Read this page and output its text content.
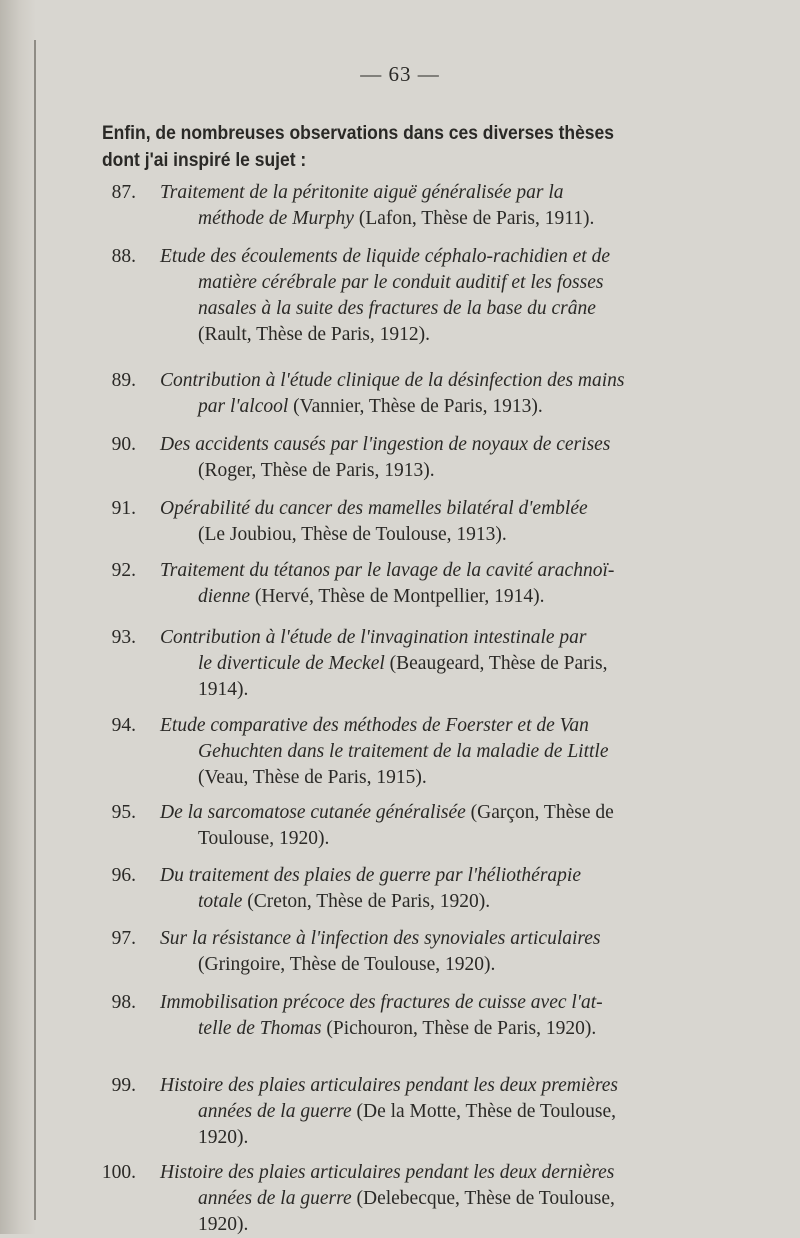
— 63 —
Enfin, de nombreuses observations dans ces diverses thèses
dont j'ai inspiré le sujet :
87. Traitement de la péritonite aiguë généralisée par la
méthode de Murphy (Lafon, Thèse de Paris, 1911).
88. Etude des écoulements de liquide céphalo-rachidien et de
matière cérébrale par le conduit auditif et les fosses
nasales à la suite des fractures de la base du crâne
(Rault, Thèse de Paris, 1912).
89. Contribution à l'étude clinique de la désinfection des mains
par l'alcool (Vannier, Thèse de Paris, 1913).
90. Des accidents causés par l'ingestion de noyaux de cerises
(Roger, Thèse de Paris, 1913).
91. Opérabilité du cancer des mamelles bilatéral d'emblée
(Le Joubiou, Thèse de Toulouse, 1913).
92. Traitement du tétanos par le lavage de la cavité arachnoï-
dienne (Hervé, Thèse de Montpellier, 1914).
93. Contribution à l'étude de l'invagination intestinale par
le diverticule de Meckel (Beaugeard, Thèse de Paris,
1914).
94. Etude comparative des méthodes de Foerster et de Van
Gehuchten dans le traitement de la maladie de Little
(Veau, Thèse de Paris, 1915).
95. De la sarcomatose cutanée généralisée (Garçon, Thèse de
Toulouse, 1920).
96. Du traitement des plaies de guerre par l'héliothérapie
totale (Creton, Thèse de Paris, 1920).
97. Sur la résistance à l'infection des synoviales articulaires
(Gringoire, Thèse de Toulouse, 1920).
98. Immobilisation précoce des fractures de cuisse avec l'at-
telle de Thomas (Pichouron, Thèse de Paris, 1920).
99. Histoire des plaies articulaires pendant les deux premières
années de la guerre (De la Motte, Thèse de Toulouse,
1920).
100. Histoire des plaies articulaires pendant les deux dernières
années de la guerre (Delebecque, Thèse de Toulouse,
1920).
